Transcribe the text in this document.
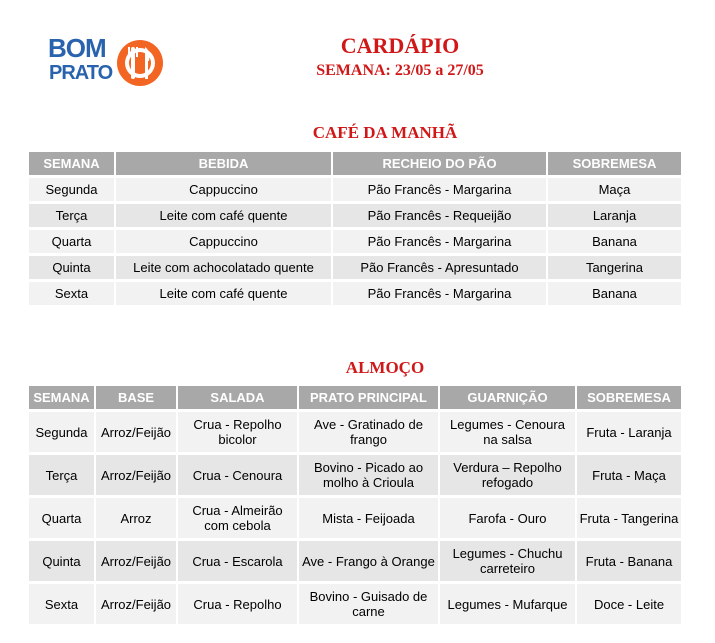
BOM
PRATO
CARDÁPIO
SEMANA: 23/05 a 27/05
CAFÉ DA MANHÃ
SEMANA	BEBIDA	RECHEIO DO PÃO	SOBREMESA
Segunda	Cappuccino	Pão Francês - Margarina	Maça
Terça	Leite com café quente	Pão Francês - Requeijão	Laranja
Quarta	Cappuccino	Pão Francês - Margarina	Banana
Quinta	Leite com achocolatado quente	Pão Francês - Apresuntado	Tangerina
Sexta	Leite com café quente	Pão Francês - Margarina	Banana
ALMOÇO
SEMANA	BASE	SALADA	PRATO PRINCIPAL	GUARNIÇÃO	SOBREMESA
Segunda	Arroz/Feijão	Crua - Repolho bicolor	Ave - Gratinado de frango	Legumes - Cenoura na salsa	Fruta - Laranja
Terça	Arroz/Feijão	Crua - Cenoura	Bovino - Picado ao molho à Crioula	Verdura – Repolho refogado	Fruta - Maça
Quarta	Arroz	Crua - Almeirão com cebola	Mista - Feijoada	Farofa - Ouro	Fruta - Tangerina
Quinta	Arroz/Feijão	Crua - Escarola	Ave - Frango à Orange	Legumes - Chuchu carreteiro	Fruta - Banana
Sexta	Arroz/Feijão	Crua - Repolho	Bovino - Guisado de carne	Legumes - Mufarque	Doce - Leite
